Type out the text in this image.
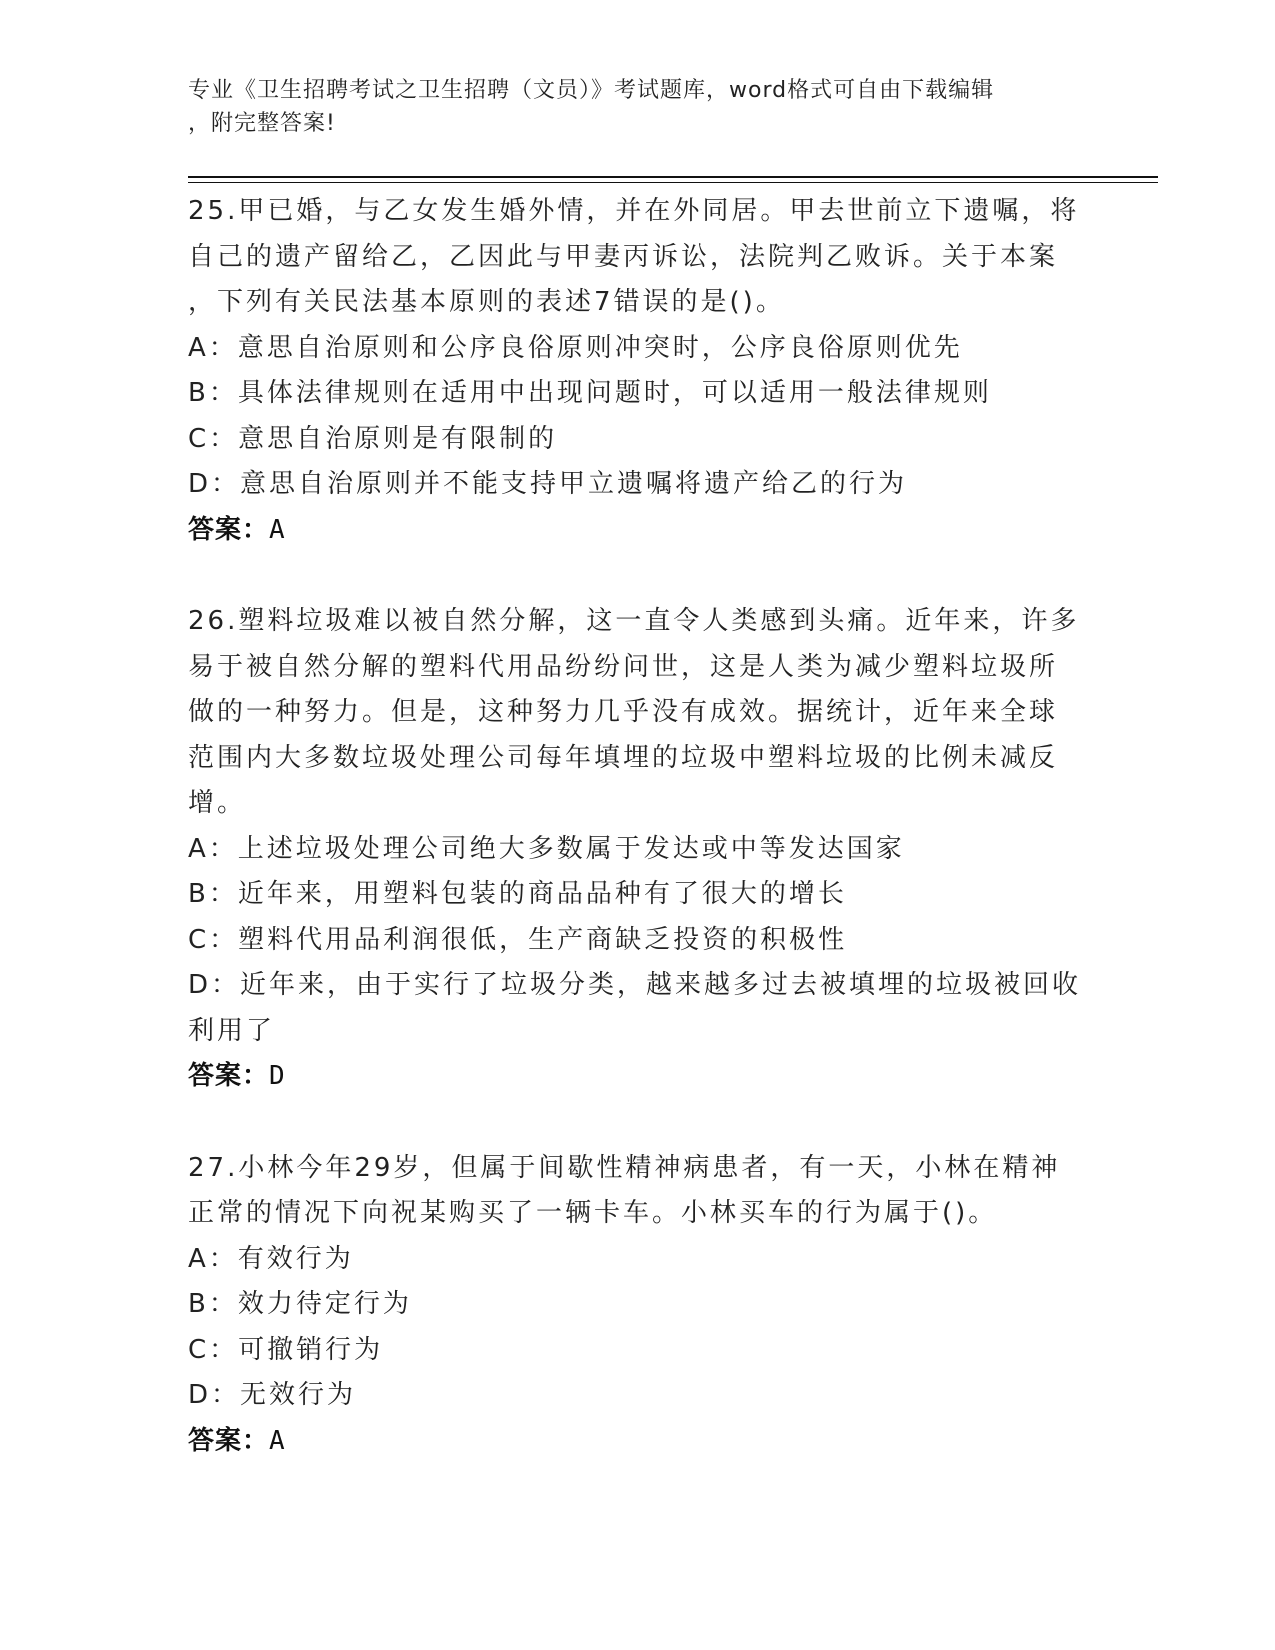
专业《卫生招聘考试之卫生招聘（文员）》考试题库，word格式可自由下载编辑
，附完整答案!
25.甲已婚，与乙女发生婚外情，并在外同居。甲去世前立下遗嘱，将
自己的遗产留给乙，乙因此与甲妻丙诉讼，法院判乙败诉。关于本案
，下列有关民法基本原则的表述7错误的是()。
A：意思自治原则和公序良俗原则冲突时，公序良俗原则优先
B：具体法律规则在适用中出现问题时，可以适用一般法律规则
C：意思自治原则是有限制的
D：意思自治原则并不能支持甲立遗嘱将遗产给乙的行为
答案：A
26.塑料垃圾难以被自然分解，这一直令人类感到头痛。近年来，许多
易于被自然分解的塑料代用品纷纷问世，这是人类为减少塑料垃圾所
做的一种努力。但是，这种努力几乎没有成效。据统计，近年来全球
范围内大多数垃圾处理公司每年填埋的垃圾中塑料垃圾的比例未减反
增。
A：上述垃圾处理公司绝大多数属于发达或中等发达国家
B：近年来，用塑料包装的商品品种有了很大的增长
C：塑料代用品利润很低，生产商缺乏投资的积极性
D：近年来，由于实行了垃圾分类，越来越多过去被填埋的垃圾被回收
利用了
答案：D
27.小林今年29岁，但属于间歇性精神病患者，有一天，小林在精神
正常的情况下向祝某购买了一辆卡车。小林买车的行为属于()。
A：有效行为
B：效力待定行为
C：可撤销行为
D：无效行为
答案：A
